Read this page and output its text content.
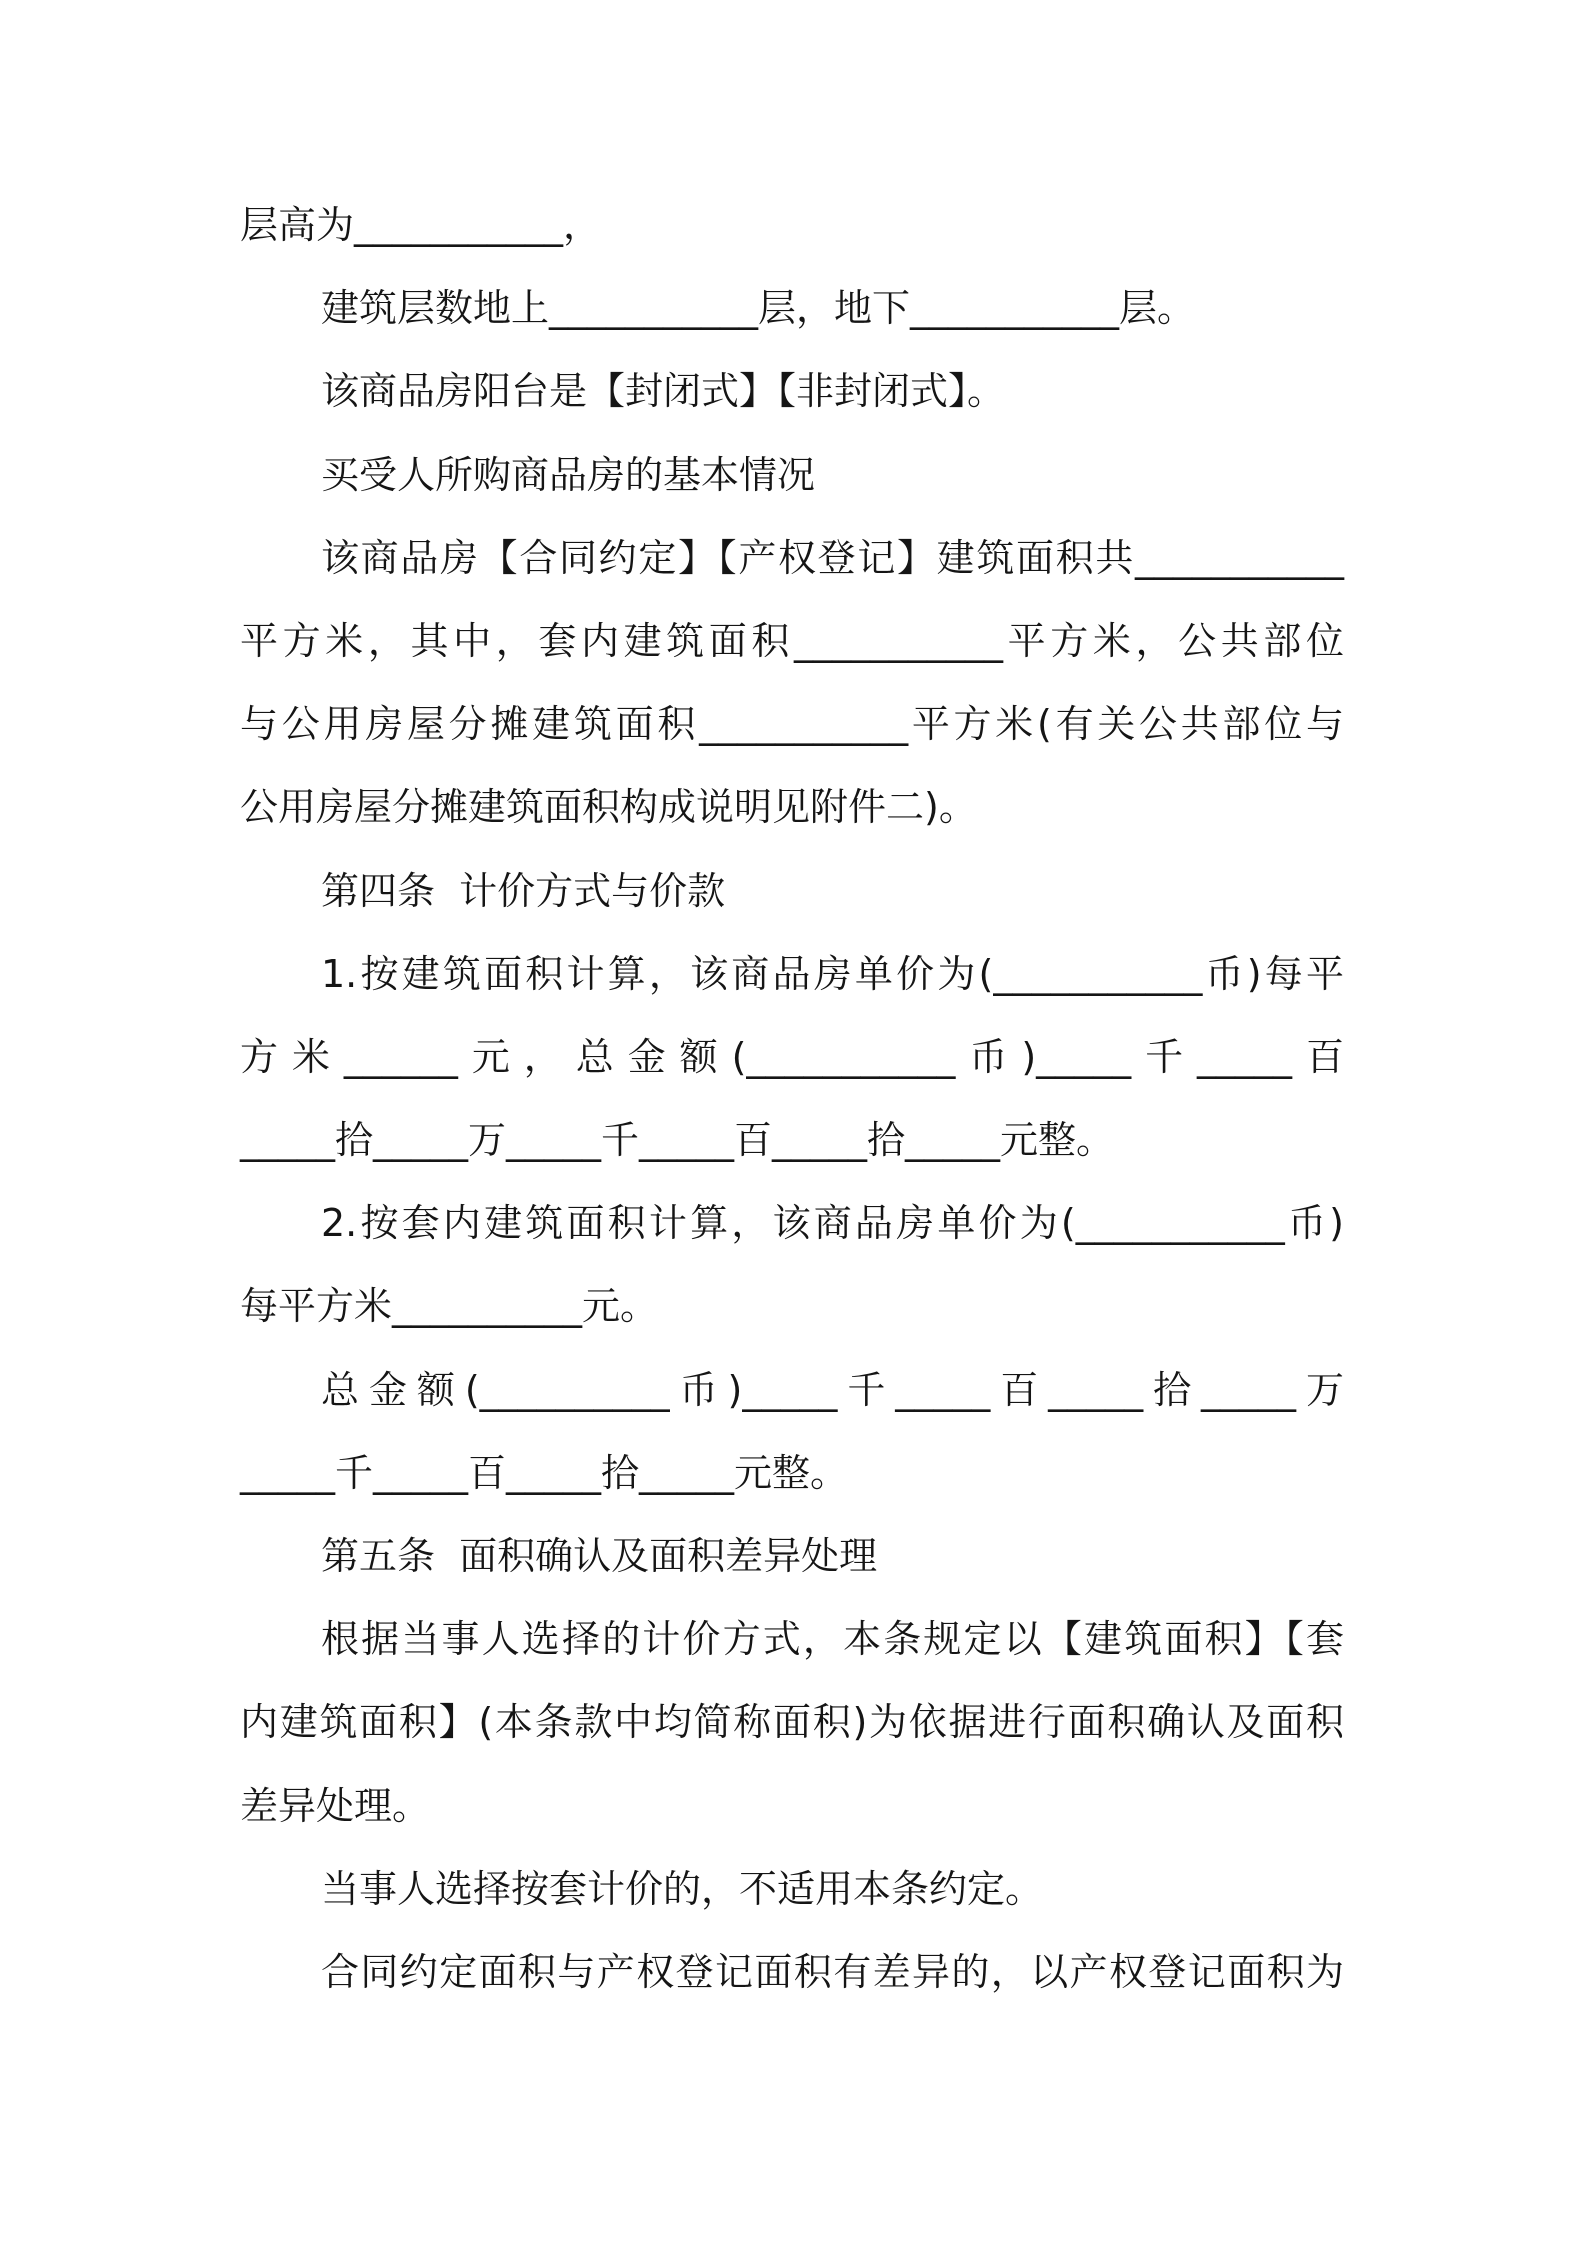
层高为___________，
建筑层数地上___________层，地下___________层。
该商品房阳台是【封闭式】【非封闭式】。
买受人所购商品房的基本情况
该商品房【合同约定】【产权登记】建筑面积共___________
平方米，其中，套内建筑面积___________平方米，公共部位
与公用房屋分摊建筑面积___________平方米(有关公共部位与
公用房屋分摊建筑面积构成说明见附件二)。
第四条  计价方式与价款
1.按建筑面积计算，该商品房单价为(___________币)每平
方米______元，总金额(___________币)_____千_____百
_____拾_____万_____千_____百_____拾_____元整。
2.按套内建筑面积计算，该商品房单价为(___________币)
每平方米__________元。
总金额(__________币)_____千_____百_____拾_____万
_____千_____百_____拾_____元整。
第五条  面积确认及面积差异处理
根据当事人选择的计价方式，本条规定以【建筑面积】【套
内建筑面积】(本条款中均简称面积)为依据进行面积确认及面积
差异处理。
当事人选择按套计价的，不适用本条约定。
合同约定面积与产权登记面积有差异的，以产权登记面积为
